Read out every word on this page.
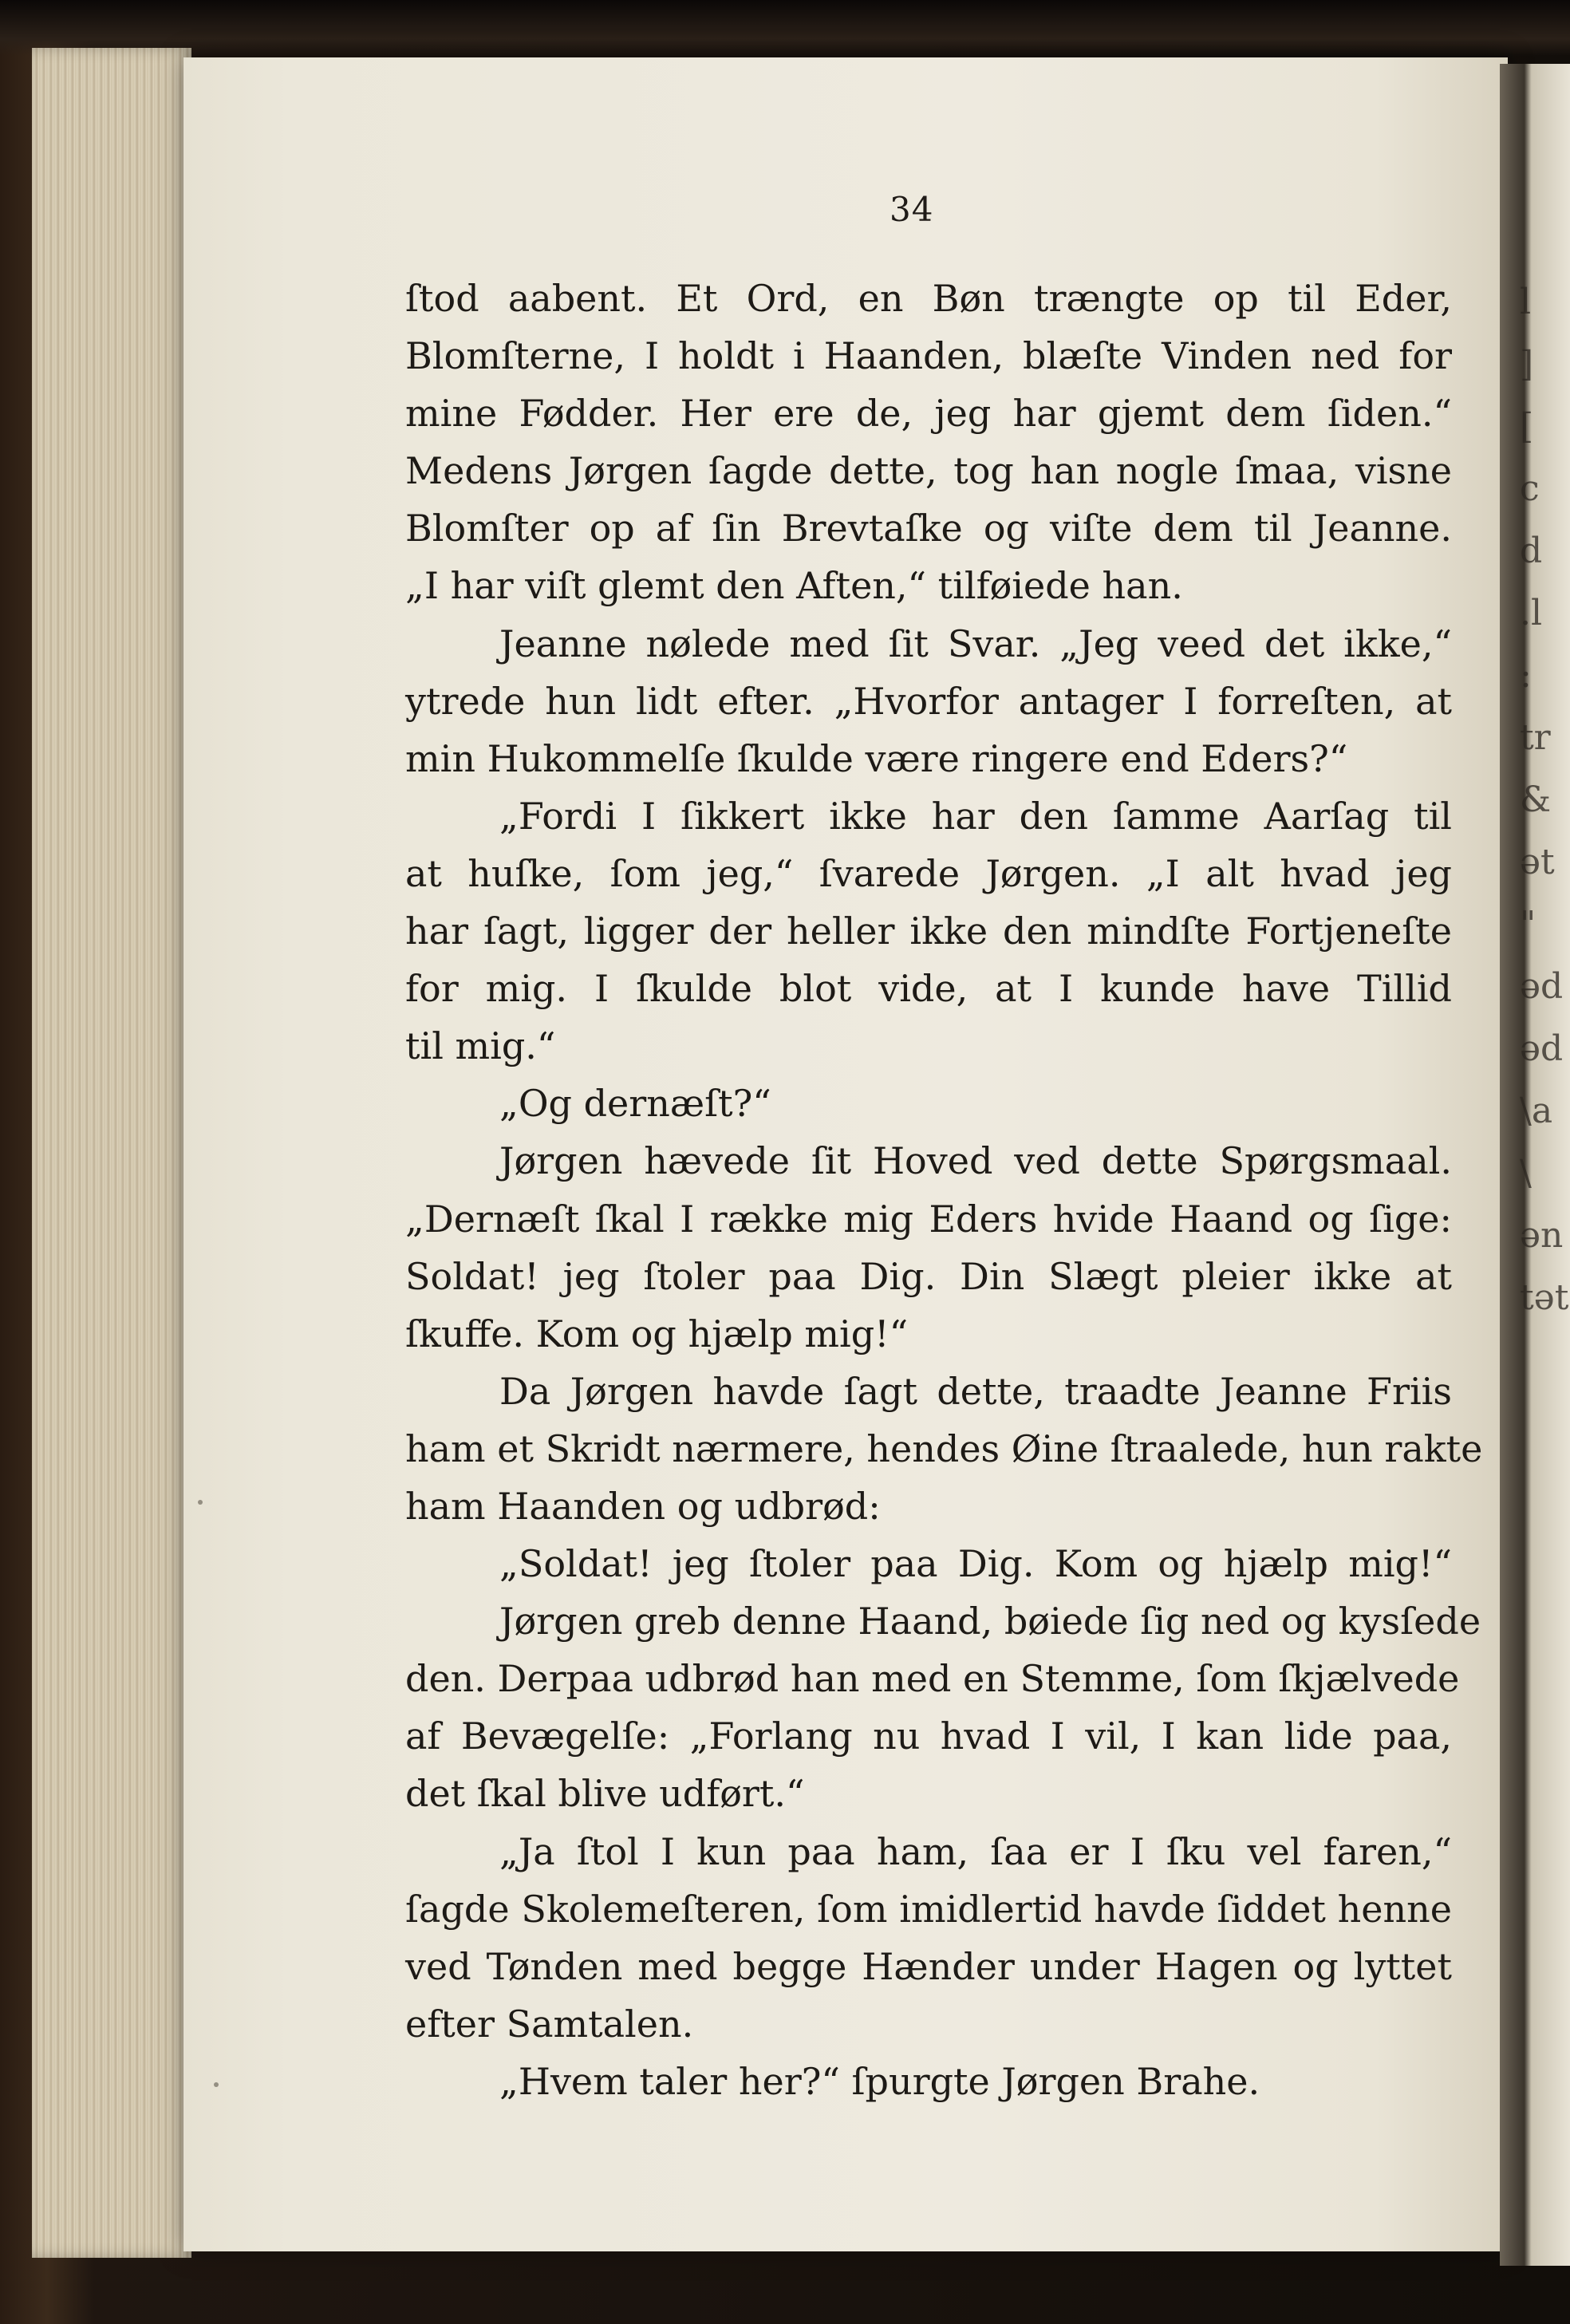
l
]
[
c
d
.l
:
tr
&
ət
"
əd
əd
\a
\
ən
tət
34
ſtod aabent. Et Ord, en Bøn trængte op til Eder,
Blomſterne, I holdt i Haanden, blæſte Vinden ned for
mine Fødder. Her ere de, jeg har gjemt dem ſiden.“
Medens Jørgen ſagde dette, tog han nogle ſmaa, visne
Blomſter op af ſin Brevtaſke og viſte dem til Jeanne.
„I har viſt glemt den Aften,“ tilføiede han.
Jeanne nølede med ſit Svar. „Jeg veed det ikke,“
ytrede hun lidt efter. „Hvorfor antager I forreſten, at
min Hukommelſe ſkulde være ringere end Eders?“
„Fordi I ſikkert ikke har den ſamme Aarſag til
at huſke, ſom jeg,“ ſvarede Jørgen. „I alt hvad jeg
har ſagt, ligger der heller ikke den mindſte Fortjeneſte
for mig. I ſkulde blot vide, at I kunde have Tillid
til mig.“
„Og dernæſt?“
Jørgen hævede ſit Hoved ved dette Spørgsmaal.
„Dernæſt ſkal I række mig Eders hvide Haand og ſige:
Soldat! jeg ſtoler paa Dig. Din Slægt pleier ikke at
ſkuffe. Kom og hjælp mig!“
Da Jørgen havde ſagt dette, traadte Jeanne Friis
ham et Skridt nærmere, hendes Øine ſtraalede, hun rakte
ham Haanden og udbrød:
„Soldat! jeg ſtoler paa Dig. Kom og hjælp mig!“
Jørgen greb denne Haand, bøiede ſig ned og kysſede
den. Derpaa udbrød han med en Stemme, ſom ſkjælvede
af Bevægelſe: „Forlang nu hvad I vil, I kan lide paa,
det ſkal blive udført.“
„Ja ſtol I kun paa ham, ſaa er I ſku vel faren,“
ſagde Skolemeſteren, ſom imidlertid havde ſiddet henne
ved Tønden med begge Hænder under Hagen og lyttet
efter Samtalen.
„Hvem taler her?“ ſpurgte Jørgen Brahe.
